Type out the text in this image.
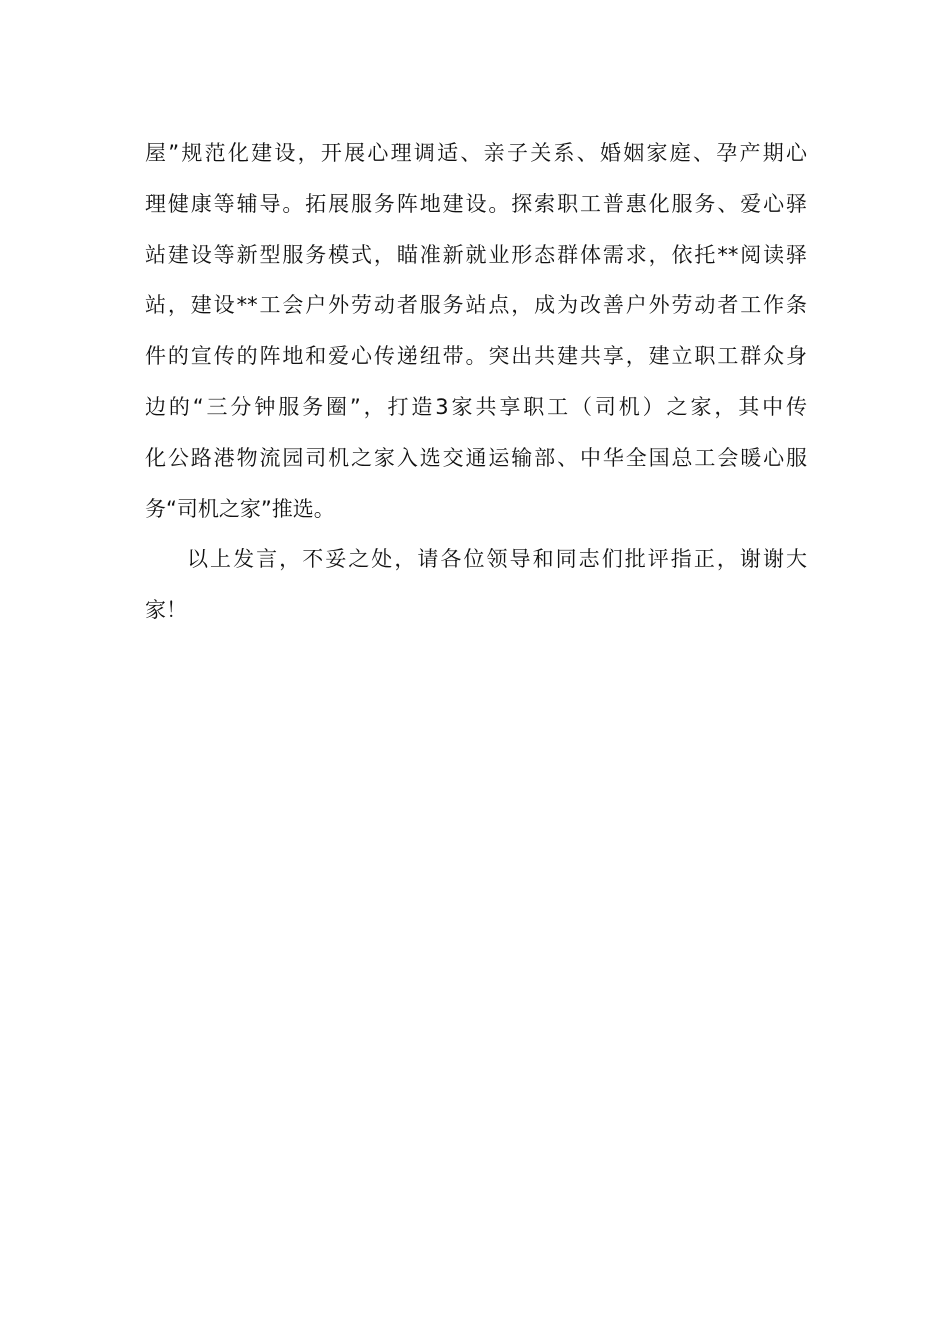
屋”规范化建设，开展心理调适、亲子关系、婚姻家庭、孕产期心
理健康等辅导。拓展服务阵地建设。探索职工普惠化服务、爱心驿
站建设等新型服务模式，瞄准新就业形态群体需求，依托**阅读驿
站，建设**工会户外劳动者服务站点，成为改善户外劳动者工作条
件的宣传的阵地和爱心传递纽带。突出共建共享，建立职工群众身
边的“三分钟服务圈”，打造3家共享职工（司机）之家，其中传
化公路港物流园司机之家入选交通运输部、中华全国总工会暖心服
务“司机之家”推选。
以上发言，不妥之处，请各位领导和同志们批评指正，谢谢大
家！
